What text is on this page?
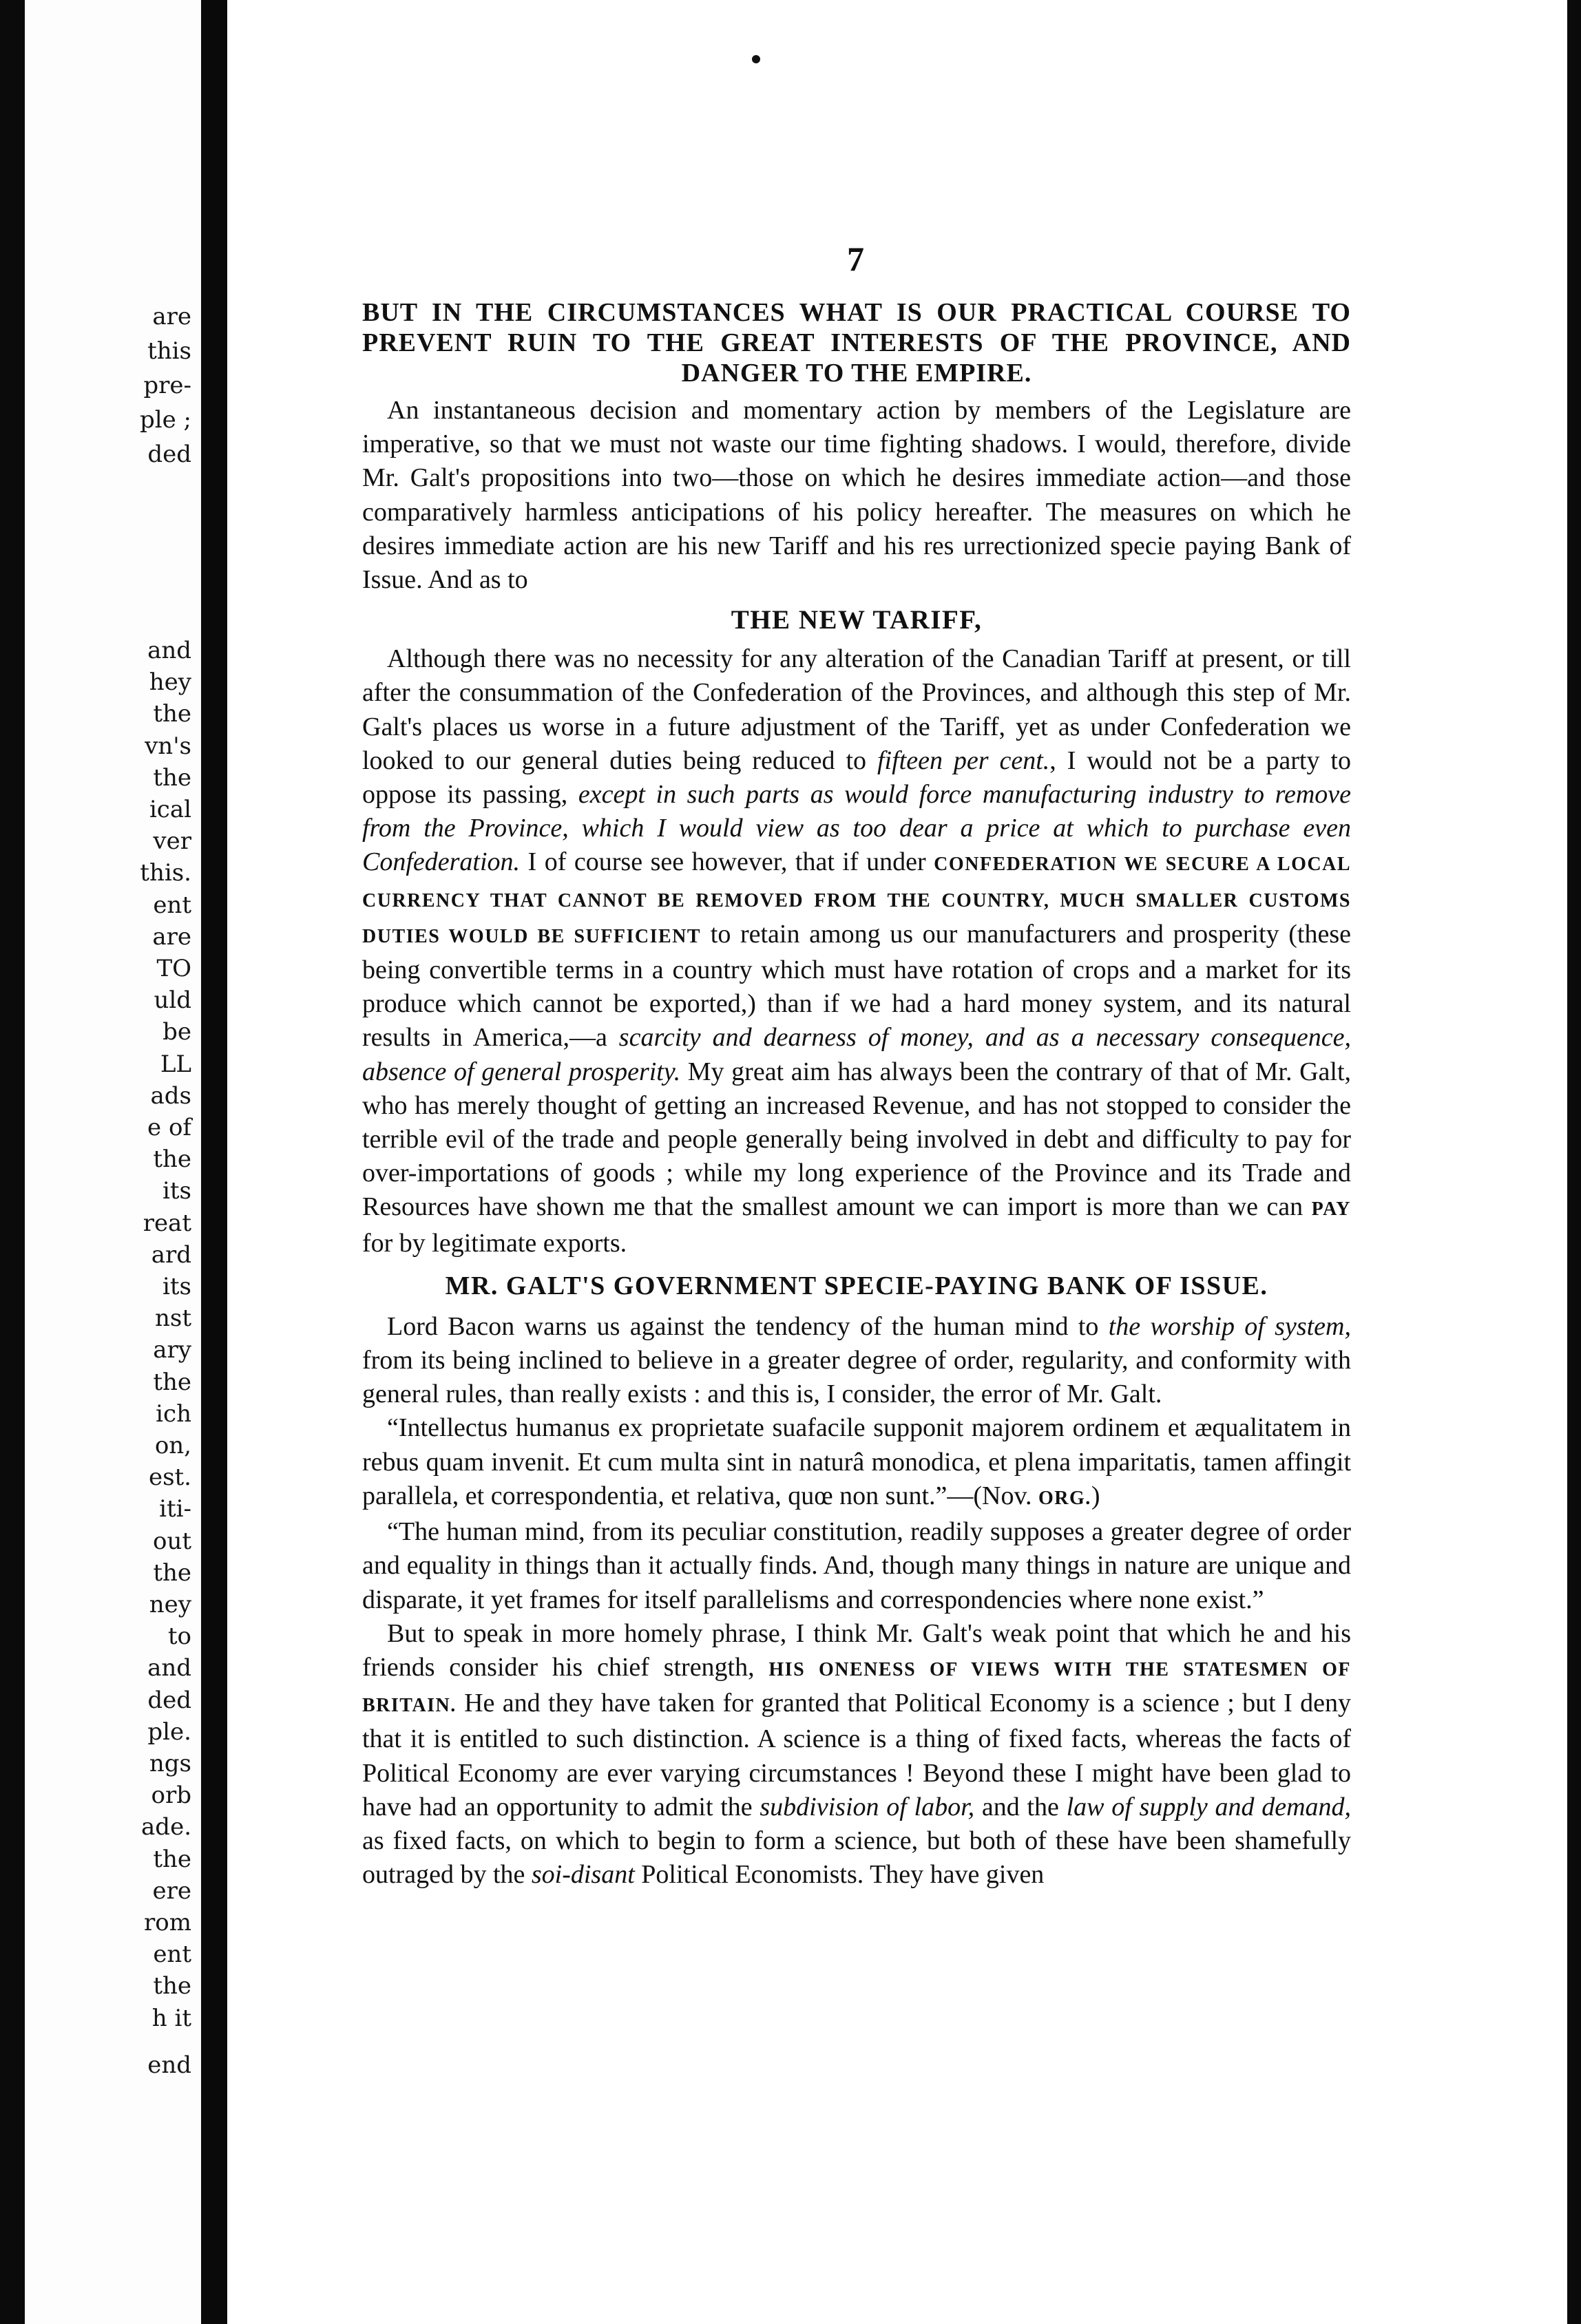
are
this
pre-
ple ;
ded
and
hey
the
vn's
the
ical
ver
this.
ent
are
TO
uld
be
LL
ads
e of
the
its
reat
ard
its
nst
ary
the
ich
on,
est.
iti-
out
the
ney
to
and
ded
ple.
ngs
orb
ade.
the
ere
rom
ent
the
h it
end
7
BUT IN THE CIRCUMSTANCES WHAT IS OUR PRACTICAL COURSE TO PREVENT RUIN TO THE GREAT INTERESTS OF THE PROVINCE, AND DANGER TO THE EMPIRE.

An instantaneous decision and momentary action by members of the Legislature are imperative, so that we must not waste our time fighting shadows. I would, therefore, divide Mr. Galt's propositions into two—those on which he desires immediate action—and those comparatively harmless anticipations of his policy hereafter. The measures on which he desires immediate action are his new Tariff and his res urrectionized specie paying Bank of Issue. And as to

THE NEW TARIFF,

Although there was no necessity for any alteration of the Canadian Tariff at present, or till after the consummation of the Confederation of the Provinces, and although this step of Mr. Galt's places us worse in a future adjustment of the Tariff, yet as under Confederation we looked to our general duties being reduced to fifteen per cent., I would not be a party to oppose its passing, except in such parts as would force manufacturing industry to remove from the Province, which I would view as too dear a price at which to purchase even Confederation. I of course see however, that if under CONFEDERATION WE SECURE A LOCAL CURRENCY THAT CANNOT BE REMOVED FROM THE COUNTRY, MUCH SMALLER CUSTOMS DUTIES WOULD BE SUFFICIENT to retain among us our manufacturers and prosperity (these being convertible terms in a country which must have rotation of crops and a market for its produce which cannot be exported,) than if we had a hard money system, and its natural results in America,—a scarcity and dearness of money, and as a necessary consequence, absence of general prosperity. My great aim has always been the contrary of that of Mr. Galt, who has merely thought of getting an increased Revenue, and has not stopped to consider the terrible evil of the trade and people generally being involved in debt and difficulty to pay for over-importations of goods ; while my long experience of the Province and its Trade and Resources have shown me that the smallest amount we can import is more than we can PAY for by legitimate exports.

MR. GALT'S GOVERNMENT SPECIE-PAYING BANK OF ISSUE.

Lord Bacon warns us against the tendency of the human mind to the worship of system, from its being inclined to believe in a greater degree of order, regularity, and conformity with general rules, than really exists : and this is, I consider, the error of Mr. Galt.

“Intellectus humanus ex proprietate suafacile supponit majorem ordinem et æqualitatem in rebus quam invenit. Et cum multa sint in naturâ monodica, et plena imparitatis, tamen affingit parallela, et correspondentia, et relativa, quœ non sunt.”—(Nov. ORG.)

“The human mind, from its peculiar constitution, readily supposes a greater degree of order and equality in things than it actually finds. And, though many things in nature are unique and disparate, it yet frames for itself parallelisms and correspondencies where none exist.”

But to speak in more homely phrase, I think Mr. Galt's weak point that which he and his friends consider his chief strength, HIS ONENESS OF VIEWS WITH THE STATESMEN OF BRITAIN. He and they have taken for granted that Political Economy is a science ; but I deny that it is entitled to such distinction. A science is a thing of fixed facts, whereas the facts of Political Economy are ever varying circumstances ! Beyond these I might have been glad to have had an opportunity to admit the subdivision of labor, and the law of supply and demand, as fixed facts, on which to begin to form a science, but both of these have been shamefully outraged by the soi-disant Political Economists. They have given
